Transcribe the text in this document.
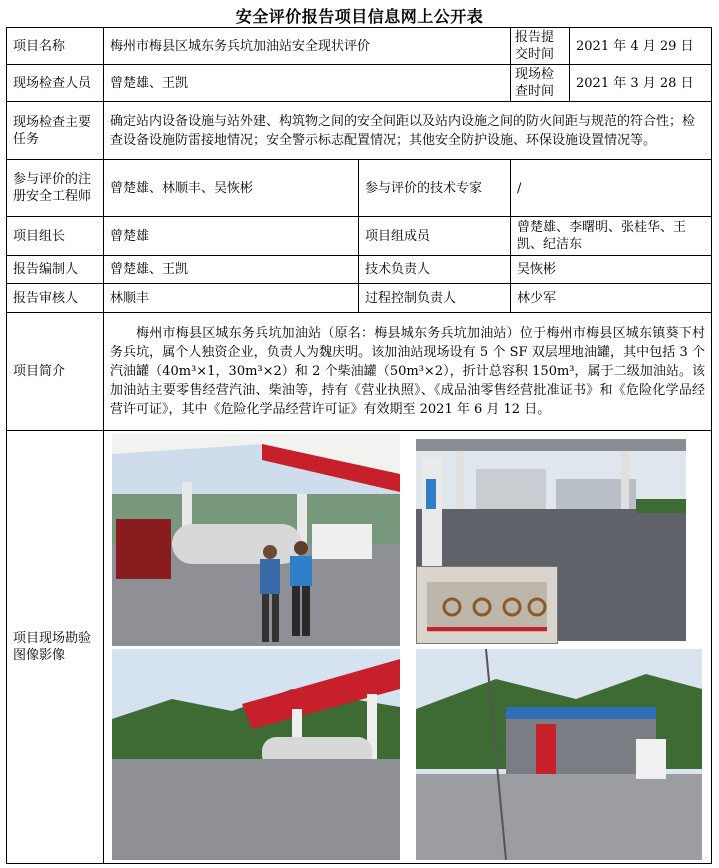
安全评价报告项目信息网上公开表
项目名称	梅州市梅县区城东务兵坑加油站安全现状评价		报告提交时间	2021 年 4 月 29 日
现场检查人员	曾楚雄、王凯		现场检查时间	2021 年 3 月 28 日
现场检查主要任务	确定站内设备设施与站外建、构筑物之间的安全间距以及站内设施之间的防火间距与规范的符合性；检查设备设施防雷接地情况；安全警示标志配置情况；其他安全防护设施、环保设施设置情况等。			
参与评价的注册安全工程师	曾楚雄、林顺丰、吴恢彬	参与评价的技术专家	/	
项目组长	曾楚雄	项目组成员	曾楚雄、李曙明、张桂华、王凯、纪洁东	
报告编制人	曾楚雄、王凯	技术负责人	吴恢彬	
报告审核人	林顺丰	过程控制负责人	林少军	
项目简介	梅州市梅县区城东务兵坑加油站（原名：梅县城东务兵坑加油站）位于梅州市梅县区城东镇葵下村务兵坑，属个人独资企业，负责人为魏庆明。该加油站现场设有 5 个 SF 双层埋地油罐，其中包括 3 个汽油罐（40m³×1，30m³×2）和 2 个柴油罐（50m³×2），折计总容积 150m³，属于二级加油站。该加油站主要零售经营汽油、柴油等，持有《营业执照》、《成品油零售经营批准证书》和《危险化学品经营许可证》，其中《危险化学品经营许可证》有效期至 2021 年 6 月 12 日。			
项目现场勘验图像影像	
